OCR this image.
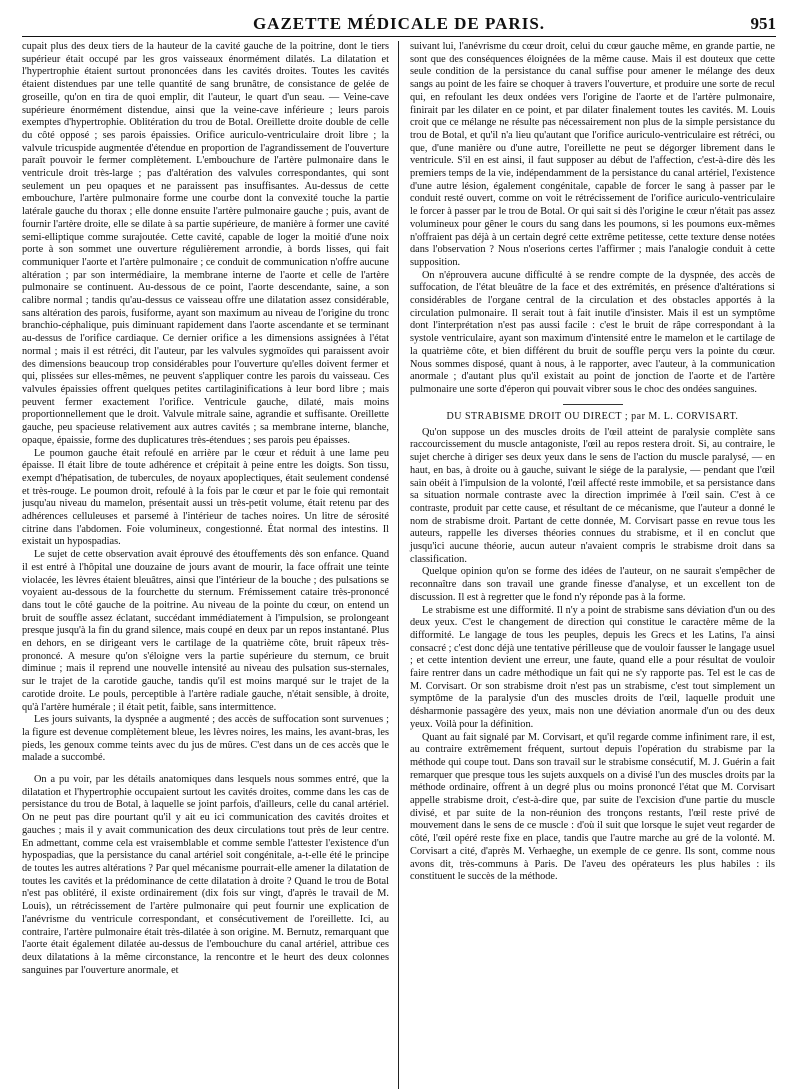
GAZETTE MÉDICALE DE PARIS.	951

cupait plus des deux tiers de la hauteur de la cavité gauche de la poitrine, dont le tiers supérieur était occupé par les gros vaisseaux énormément dilatés. La dilatation et l'hypertrophie étaient surtout prononcées dans les cavités droites. Toutes les cavités étaient distendues par une telle quantité de sang brunâtre, de consistance de gelée de groseille, qu'on en tira de quoi emplir, dit l'auteur, le quart d'un seau. — Veine-cave supérieure énormément distendue, ainsi que la veine-cave inférieure ; leurs parois exemptes d'hypertrophie. Oblitération du trou de Botal. Oreillette droite double de celle du côté opposé ; ses parois épaissies. Orifice auriculo-ventriculaire droit libre ; la valvule tricuspide augmentée d'étendue en proportion de l'agrandissement de l'ouverture paraît pouvoir le fermer complètement. L'embouchure de l'artère pulmonaire dans le ventricule droit très-large ; pas d'altération des valvules correspondantes, qui sont seulement un peu opaques et ne paraissent pas insuffisantes. Au-dessus de cette embouchure, l'artère pulmonaire forme une courbe dont la convexité touche la partie latérale gauche du thorax ; elle donne ensuite l'artère pulmonaire gauche ; puis, avant de fournir l'artère droite, elle se dilate à sa partie supérieure, de manière à former une cavité semi-elliptique comme surajoutée. Cette cavité, capable de loger la moitié d'une noix porte à son sommet une ouverture régulièrement arrondie, à bords lisses, qui fait communiquer l'aorte et l'artère pulmonaire ; ce conduit de communication n'offre aucune altération ; par son intermédiaire, la membrane interne de l'aorte et celle de l'artère pulmonaire se continuent. Au-dessous de ce point, l'aorte descendante, saine, a son calibre normal ; tandis qu'au-dessus ce vaisseau offre une dilatation assez considérable, sans altération des parois, fusiforme, ayant son maximum au niveau de l'origine du tronc branchio-céphalique, puis diminuant rapidement dans l'aorte ascendante et se terminant au-dessus de l'orifice cardiaque. Ce dernier orifice a les dimensions assignées à l'état normal ; mais il est rétréci, dit l'auteur, par les valvules sygmoïdes qui paraissent avoir des dimensions beaucoup trop considérables pour l'ouverture qu'elles doivent fermer et qui, plissées sur elles-mêmes, ne peuvent s'appliquer contre les parois du vaisseau. Ces valvules épaissies offrent quelques petites cartilaginifications à leur bord libre ; mais peuvent fermer exactement l'orifice. Ventricule gauche, dilaté, mais moins proportionnellement que le droit. Valvule mitrale saine, agrandie et suffisante. Oreillette gauche, peu spacieuse relativement aux autres cavités ; sa membrane interne, blanche, opaque, épaissie, forme des duplicatures très-étendues ; ses parois peu épaisses.

Le poumon gauche était refoulé en arrière par le cœur et réduit à une lame peu épaisse. Il était libre de toute adhérence et crépitait à peine entre les doigts. Son tissu, exempt d'hépatisation, de tubercules, de noyaux apoplectiques, était seulement condensé et très-rouge. Le poumon droit, refoulé à la fois par le cœur et par le foie qui remontait jusqu'au niveau du mamelon, présentait aussi un très-petit volume, était retenu par des adhérences celluleuses et parsemé à l'intérieur de taches noires. Un litre de sérosité citrine dans l'abdomen. Foie volumineux, congestionné. État normal des intestins. Il existait un hypospadias.

Le sujet de cette observation avait éprouvé des étouffements dès son enfance. Quand il est entré à l'hôpital une douzaine de jours avant de mourir, la face offrait une teinte violacée, les lèvres étaient bleuâtres, ainsi que l'intérieur de la bouche ; des pulsations se voyaient au-dessous de la fourchette du sternum. Frémissement cataire très-prononcé dans tout le côté gauche de la poitrine. Au niveau de la pointe du cœur, on entend un bruit de souffle assez éclatant, succédant immédiatement à l'impulsion, se prolongeant presque jusqu'à la fin du grand silence, mais coupé en deux par un repos instantané. Plus en dehors, en se dirigeant vers le cartilage de la quatrième côte, bruit râpeux très-prononcé. A mesure qu'on s'éloigne vers la partie supérieure du sternum, ce bruit diminue ; mais il reprend une nouvelle intensité au niveau des pulsation sus-sternales, sur le trajet de la carotide gauche, tandis qu'il est moins marqué sur le trajet de la carotide droite. Le pouls, perceptible à l'artère radiale gauche, n'était sensible, à droite, qu'à l'artère humérale ; il était petit, faible, sans intermittence.

Les jours suivants, la dyspnée a augmenté ; des accès de suffocation sont survenues ; la figure est devenue complètement bleue, les lèvres noires, les mains, les avant-bras, les pieds, les genoux comme teints avec du jus de mûres. C'est dans un de ces accès que le malade a succombé.

On a pu voir, par les détails anatomiques dans lesquels nous sommes entré, que la dilatation et l'hypertrophie occupaient surtout les cavités droites, comme dans les cas de persistance du trou de Botal, à laquelle se joint parfois, d'ailleurs, celle du canal artériel. On ne peut pas dire pourtant qu'il y ait eu ici communication des cavités droites et gauches ; mais il y avait communication des deux circulations tout près de leur centre. En admettant, comme cela est vraisemblable et comme semble l'attester l'existence d'un hypospadias, que la persistance du canal artériel soit congénitale, a-t-elle été le principe de toutes les autres altérations ? Par quel mécanisme pourrait-elle amener la dilatation de toutes les cavités et la prédominance de cette dilatation à droite ? Quand le trou de Botal n'est pas oblitéré, il existe ordinairement (dix fois sur vingt, d'après le travail de M. Louis), un rétrécissement de l'artère pulmonaire qui peut fournir une explication de l'anévrisme du ventricule correspondant, et consécutivement de l'oreillette. Ici, au contraire, l'artère pulmonaire était très-dilatée à son origine. M. Bernutz, remarquant que l'aorte était également dilatée au-dessus de l'embouchure du canal artériel, attribue ces deux dilatations à la même circonstance, la rencontre et le heurt des deux colonnes sanguines par l'ouverture anormale, et

suivant lui, l'anévrisme du cœur droit, celui du cœur gauche même, en grande partie, ne sont que des conséquences éloignées de la même cause. Mais il est douteux que cette seule condition de la persistance du canal suffise pour amener le mélange des deux sangs au point de les faire se choquer à travers l'ouverture, et produire une sorte de recul qui, en refoulant les deux ondées vers l'origine de l'aorte et de l'artère pulmonaire, finirait par les dilater en ce point, et par dilater finalement toutes les cavités. M. Louis croit que ce mélange ne résulte pas nécessairement non plus de la simple persistance du trou de Botal, et qu'il n'a lieu qu'autant que l'orifice auriculo-ventriculaire est rétréci, ou que, d'une manière ou d'une autre, l'oreillette ne peut se dégorger librement dans le ventricule. S'il en est ainsi, il faut supposer au début de l'affection, c'est-à-dire dès les premiers temps de la vie, indépendamment de la persistance du canal artériel, l'existence d'une autre lésion, également congénitale, capable de forcer le sang à passer par le conduit resté ouvert, comme on voit le rétrécissement de l'orifice auriculo-ventriculaire le forcer à passer par le trou de Botal. Or qui sait si dès l'origine le cœur n'était pas assez volumineux pour gêner le cours du sang dans les poumons, si les poumons eux-mêmes n'offraient pas déjà à un certain degré cette extrême petitesse, cette texture dense notées dans l'observation ? Nous n'oserions certes l'affirmer ; mais l'analogie conduit à cette supposition.

On n'éprouvera aucune difficulté à se rendre compte de la dyspnée, des accès de suffocation, de l'état bleuâtre de la face et des extrémités, en présence d'altérations si considérables de l'organe central de la circulation et des obstacles apportés à la circulation pulmonaire. Il serait tout à fait inutile d'insister. Mais il est un symptôme dont l'interprétation n'est pas aussi facile : c'est le bruit de râpe correspondant à la systole ventriculaire, ayant son maximum d'intensité entre le mamelon et le cartilage de la quatrième côte, et bien différent du bruit de souffle perçu vers la pointe du cœur. Nous sommes disposé, quant à nous, à le rapporter, avec l'auteur, à la communication anormale ; d'autant plus qu'il existait au point de jonction de l'aorte et de l'artère pulmonaire une sorte d'éperon qui pouvait vibrer sous le choc des ondées sanguines.

DU STRABISME DROIT OU DIRECT ; par M. L. CORVISART.

Qu'on suppose un des muscles droits de l'œil atteint de paralysie complète sans raccourcissement du muscle antagoniste, l'œil au repos restera droit. Si, au contraire, le sujet cherche à diriger ses deux yeux dans le sens de l'action du muscle paralysé, — en haut, en bas, à droite ou à gauche, suivant le siége de la paralysie, — pendant que l'œil sain obéit à l'impulsion de la volonté, l'œil affecté reste immobile, et sa persistance dans sa situation normale contraste avec la direction imprimée à l'œil sain. C'est à ce contraste, produit par cette cause, et résultant de ce mécanisme, que l'auteur a donné le nom de strabisme droit. Partant de cette donnée, M. Corvisart passe en revue tous les auteurs, rappelle les diverses théories connues du strabisme, et il en conclut que jusqu'ici aucune théorie, aucun auteur n'avaient compris le strabisme droit dans sa classification.

Quelque opinion qu'on se forme des idées de l'auteur, on ne saurait s'empêcher de reconnaître dans son travail une grande finesse d'analyse, et un excellent ton de discussion. Il est à regretter que le fond n'y réponde pas à la forme.

Le strabisme est une difformité. Il n'y a point de strabisme sans déviation d'un ou des deux yeux. C'est le changement de direction qui constitue le caractère même de la difformité. Le langage de tous les peuples, depuis les Grecs et les Latins, l'a ainsi consacré ; c'est donc déjà une tentative périlleuse que de vouloir fausser le langage usuel ; et cette intention devient une erreur, une faute, quand elle a pour résultat de vouloir faire rentrer dans un cadre méthodique un fait qui ne s'y rapporte pas. Tel est le cas de M. Corvisart. Or son strabisme droit n'est pas un strabisme, c'est tout simplement un symptôme de la paralysie d'un des muscles droits de l'œil, laquelle produit une désharmonie passagère des yeux, mais non une déviation anormale d'un ou des deux yeux. Voilà pour la définition.

Quant au fait signalé par M. Corvisart, et qu'il regarde comme infiniment rare, il est, au contraire extrêmement fréquent, surtout depuis l'opération du strabisme par la méthode qui coupe tout. Dans son travail sur le strabisme consécutif, M. J. Guérin a fait remarquer que presque tous les sujets auxquels on a divisé l'un des muscles droits par la méthode ordinaire, offrent à un degré plus ou moins prononcé l'état que M. Corvisart appelle strabisme droit, c'est-à-dire que, par suite de l'excision d'une partie du muscle divisé, et par suite de la non-réunion des tronçons restants, l'œil reste privé de mouvement dans le sens de ce muscle : d'où il suit que lorsque le sujet veut regarder de côté, l'œil opéré reste fixe en place, tandis que l'autre marche au gré de la volonté. M. Corvisart a cité, d'après M. Verhaeghe, un exemple de ce genre. Ils sont, comme nous avons dit, très-communs à Paris. De l'aveu des opérateurs les plus habiles : ils constituent le succès de la méthode.
